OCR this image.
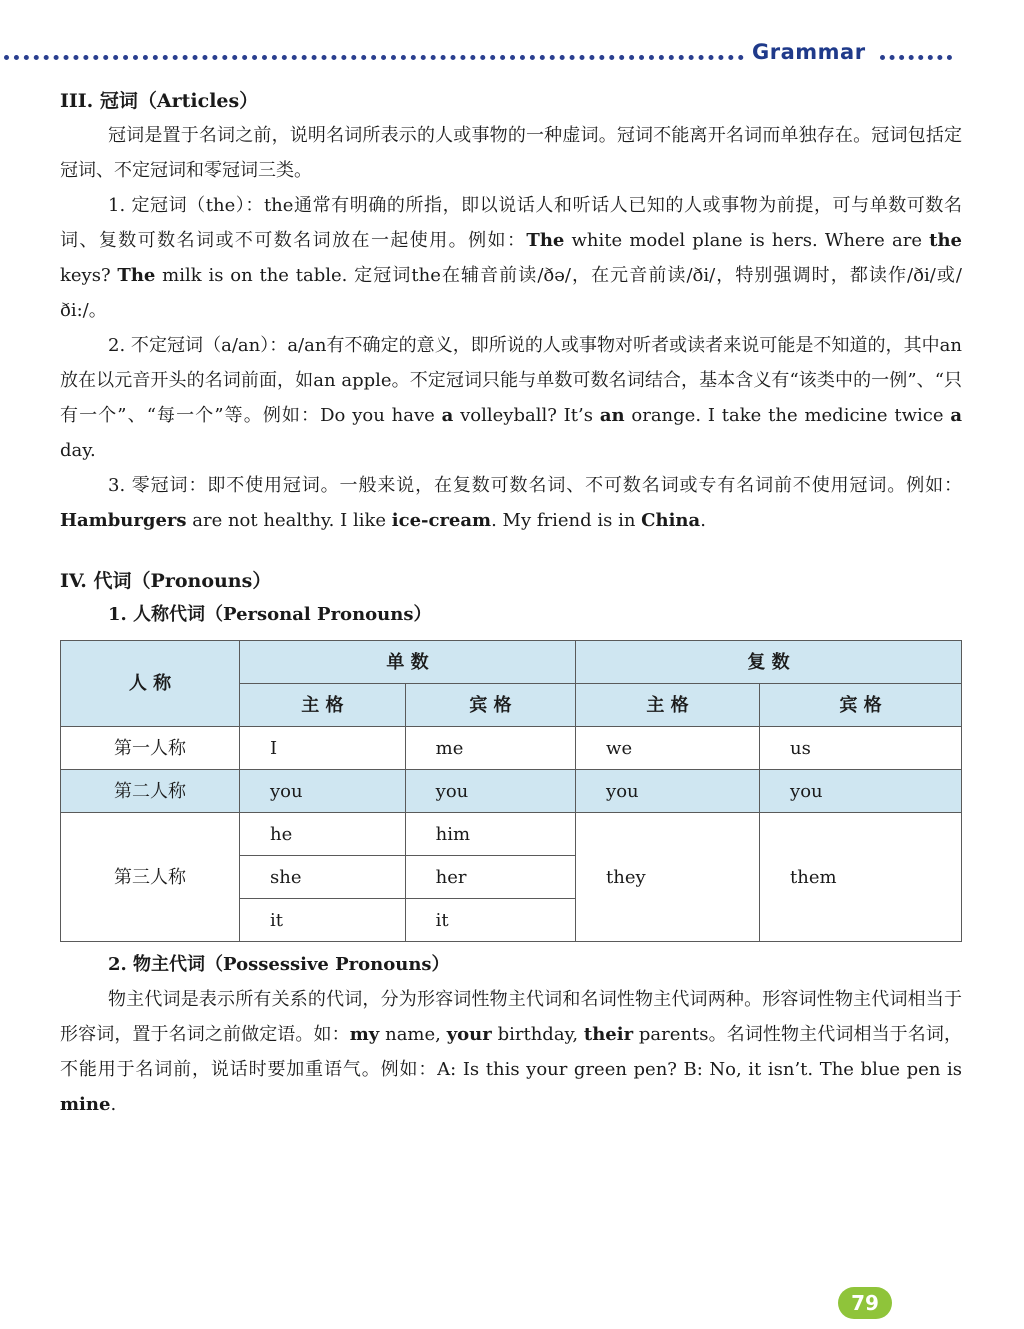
Grammar
III. 冠词（Articles）

冠词是置于名词之前，说明名词所表示的人或事物的一种虚词。冠词不能离开名词而单独存在。冠词包括定冠词、不定冠词和零冠词三类。

1. 定冠词（the）：the通常有明确的所指，即以说话人和听话人已知的人或事物为前提，可与单数可数名词、复数可数名词或不可数名词放在一起使用。例如：The white model plane is hers. Where are the keys? The milk is on the table. 定冠词the在辅音前读/ðə/，在元音前读/ði/，特别强调时，都读作/ði/或/ði:/。

2. 不定冠词（a/an）：a/an有不确定的意义，即所说的人或事物对听者或读者来说可能是不知道的，其中an放在以元音开头的名词前面，如an apple。不定冠词只能与单数可数名词结合，基本含义有“该类中的一例”、“只有一个”、“每一个”等。例如：Do you have a volleyball? It’s an orange. I take the medicine twice a day.

3. 零冠词：即不使用冠词。一般来说，在复数可数名词、不可数名词或专有名词前不使用冠词。例如：Hamburgers are not healthy. I like ice-cream. My friend is in China.

IV. 代词（Pronouns）
1. 人称代词（Personal Pronouns）
人 称	单 数		复 数	
	主 格	宾 格	主 格	宾 格
第一人称	I	me	we	us
第二人称	you	you	you	you
第三人称	he	him	they	them
	she	her		
	it	it		
2. 物主代词（Possessive Pronouns）

物主代词是表示所有关系的代词，分为形容词性物主代词和名词性物主代词两种。形容词性物主代词相当于形容词，置于名词之前做定语。如：my name, your birthday, their parents。名词性物主代词相当于名词，不能用于名词前，说话时要加重语气。例如：A: Is this your green pen? B: No, it isn’t. The blue pen is mine.

79
